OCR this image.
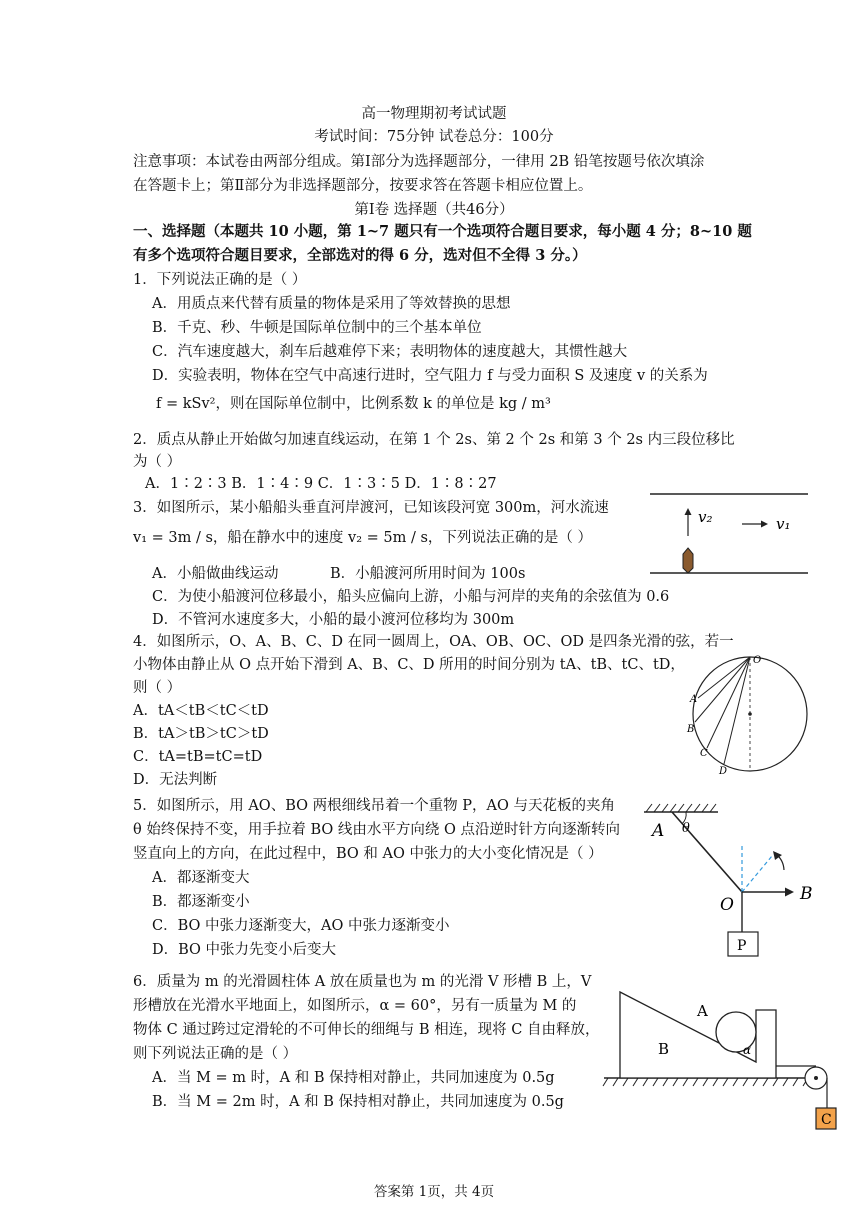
高一物理期初考试试题
考试时间：75分钟 试卷总分：100分
注意事项：本试卷由两部分组成。第Ⅰ部分为选择题部分，一律用 2B 铅笔按题号依次填涂
在答题卡上；第Ⅱ部分为非选择题部分，按要求答在答题卡相应位置上。
第Ⅰ卷 选择题（共46分）
一、选择题（本题共 10 小题，第 1~7 题只有一个选项符合题目要求，每小题 4 分；8~10 题
有多个选项符合题目要求，全部选对的得 6 分，选对但不全得 3 分。）
1．下列说法正确的是（ ）
A．用质点来代替有质量的物体是采用了等效替换的思想
B．千克、秒、牛顿是国际单位制中的三个基本单位
C．汽车速度越大，刹车后越难停下来；表明物体的速度越大，其惯性越大
D．实验表明，物体在空气中高速行进时，空气阻力 f 与受力面积 S 及速度 v 的关系为
f = kSv²，则在国际单位制中，比例系数 k 的单位是 kg / m³
2．质点从静止开始做匀加速直线运动，在第 1 个 2s、第 2 个 2s 和第 3 个 2s 内三段位移比
为（ ）
A．1∶2∶3 B．1∶4∶9 C．1∶3∶5 D．1∶8∶27
3．如图所示，某小船船头垂直河岸渡河，已知该段河宽 300m，河水流速
v₁ = 3m / s，船在静水中的速度 v₂ = 5m / s，下列说法正确的是（ ）
A．小船做曲线运动	B．小船渡河所用时间为 100s
C．为使小船渡河位移最小，船头应偏向上游，小船与河岸的夹角的余弦值为 0.6
D．不管河水速度多大，小船的最小渡河位移均为 300m
v₂	v₁
4．如图所示，O、A、B、C、D 在同一圆周上，OA、OB、OC、OD 是四条光滑的弦，若一
小物体由静止从 O 点开始下滑到 A、B、C、D 所用的时间分别为 tA、tB、tC、tD，
则（ ）
A．tA＜tB＜tC＜tD
B．tA＞tB＞tC＞tD
C．tA=tB=tC=tD
D．无法判断
O
A
B
C
D
5．如图所示，用 AO、BO 两根细线吊着一个重物 P，AO 与天花板的夹角
θ 始终保持不变，用手拉着 BO 线由水平方向绕 O 点沿逆时针方向逐渐转向
竖直向上的方向，在此过程中，BO 和 AO 中张力的大小变化情况是（ ）
A．都逐渐变大
B．都逐渐变小
C．BO 中张力逐渐变大，AO 中张力逐渐变小
D．BO 中张力先变小后变大
A θ
B
O
P
6．质量为 m 的光滑圆柱体 A 放在质量也为 m 的光滑 V 形槽 B 上，V
形槽放在光滑水平地面上，如图所示，α = 60°，另有一质量为 M 的
物体 C 通过跨过定滑轮的不可伸长的细绳与 B 相连，现将 C 自由释放，
则下列说法正确的是（ ）
A．当 M = m 时，A 和 B 保持相对静止，共同加速度为 0.5g
B．当 M = 2m 时，A 和 B 保持相对静止，共同加速度为 0.5g
A
B	α
C
答案第 1页，共 4页
